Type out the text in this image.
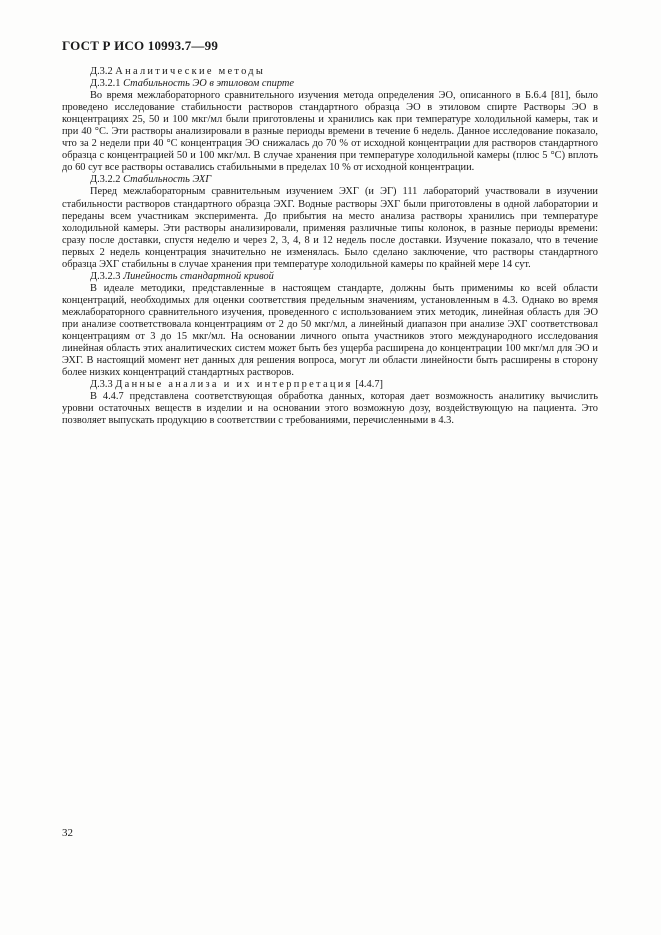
ГОСТ Р ИСО 10993.7—99

Д.3.2 Аналитические методы

Д.3.2.1 Стабильность ЭО в этиловом спирте

Во время межлабораторного сравнительного изучения метода определения ЭО, описанного в Б.6.4 [81], было проведено исследование стабильности растворов стандартного образца ЭО в этиловом спирте Растворы ЭО в концентрациях 25, 50 и 100 мкг/мл были приготовлены и хранились как при температуре холодильной камеры, так и при 40 °С. Эти растворы анализировали в разные периоды времени в течение 6 недель. Данное исследование показало, что за 2 недели при 40 °С концентрация ЭО снижалась до 70 % от исходной концентрации для растворов стандартного образца с концентрацией 50 и 100 мкг/мл. В случае хранения при температуре холодильной камеры (плюс 5 °С) вплоть до 60 сут все растворы оставались стабильными в пределах 10 % от исходной концентрации.

Д.3.2.2 Стабильность ЭХГ

Перед межлабораторным сравнительным изучением ЭХГ (и ЭГ) 111 лабораторий участвовали в изучении стабильности растворов стандартного образца ЭХГ. Водные растворы ЭХГ были приготовлены в одной лаборатории и переданы всем участникам эксперимента. До прибытия на место анализа растворы хранились при температуре холодильной камеры. Эти растворы анализировали, применяя различные типы колонок, в разные периоды времени: сразу после доставки, спустя неделю и через 2, 3, 4, 8 и 12 недель после доставки. Изучение показало, что в течение первых 2 недель концентрация значительно не изменялась. Было сделано заключение, что растворы стандартного образца ЭХГ стабильны в случае хранения при температуре холодильной камеры по крайней мере 14 сут.

Д.3.2.3 Линейность стандартной кривой

В идеале методики, представленные в настоящем стандарте, должны быть применимы ко всей области концентраций, необходимых для оценки соответствия предельным значениям, установленным в 4.3. Однако во время межлабораторного сравнительного изучения, проведенного с использованием этих методик, линейная область для ЭО при анализе соответствовала концентрациям от 2 до 50 мкг/мл, а линейный диапазон при анализе ЭХГ соответствовал концентрациям от 3 до 15 мкг/мл. На основании личного опыта участников этого международного исследования линейная область этих аналитических систем может быть без ущерба расширена до концентрации 100 мкг/мл для ЭО и ЭХГ. В настоящий момент нет данных для решения вопроса, могут ли области линейности быть расширены в сторону более низких концентраций стандартных растворов.

Д.3.3 Данные анализа и их интерпретация [4.4.7]

В 4.4.7 представлена соответствующая обработка данных, которая дает возможность аналитику вычислить уровни остаточных веществ в изделии и на основании этого возможную дозу, воздействующую на пациента. Это позволяет выпускать продукцию в соответствии с требованиями, перечисленными в 4.3.

32
